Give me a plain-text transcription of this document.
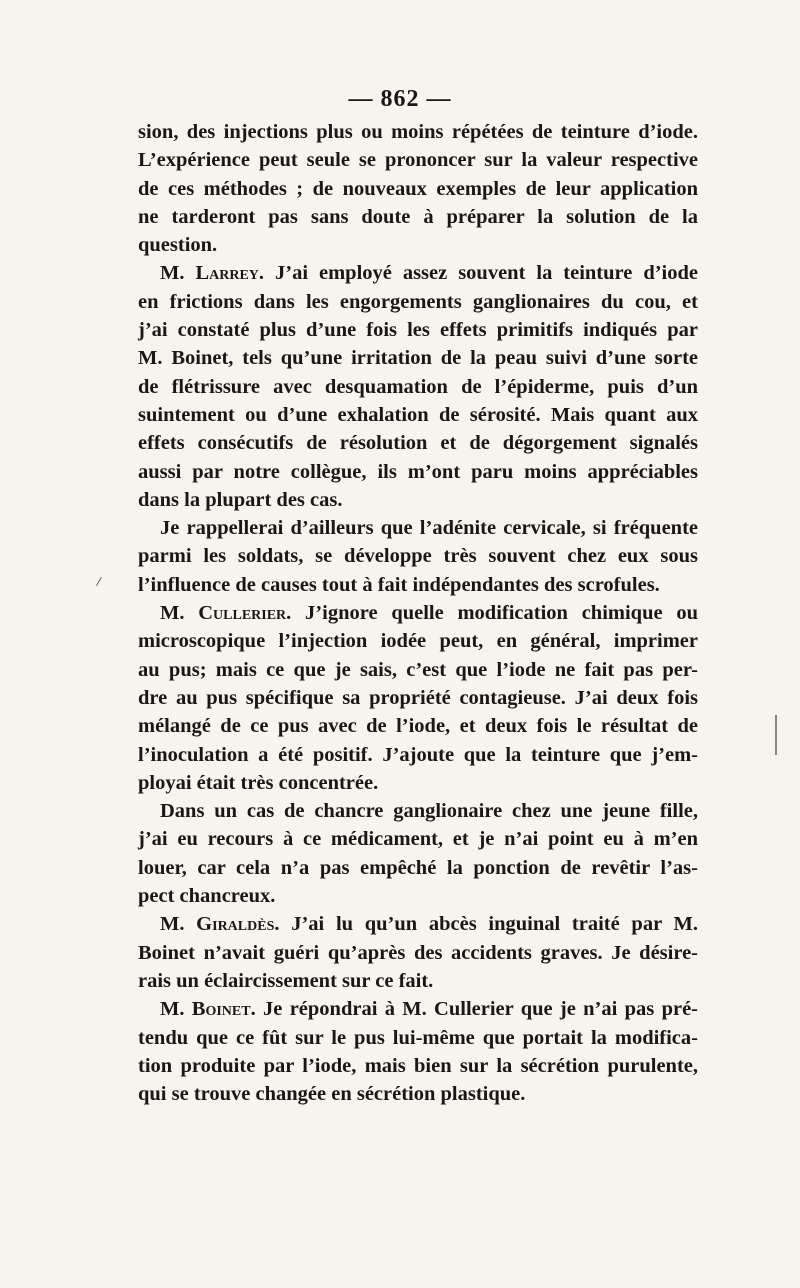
— 862 —
sion, des injections plus ou moins répétées de teinture d’iode.
L’expérience peut seule se prononcer sur la valeur respective
de ces méthodes ; de nouveaux exemples de leur application
ne tarderont pas sans doute à préparer la solution de la
question.
M. Larrey. J’ai employé assez souvent la teinture d’iode
en frictions dans les engorgements ganglionaires du cou, et
j’ai constaté plus d’une fois les effets primitifs indiqués par
M. Boinet, tels qu’une irritation de la peau suivi d’une sorte
de flétrissure avec desquamation de l’épiderme, puis d’un
suintement ou d’une exhalation de sérosité. Mais quant aux
effets consécutifs de résolution et de dégorgement signalés
aussi par notre collègue, ils m’ont paru moins appréciables
dans la plupart des cas.
Je rappellerai d’ailleurs que l’adénite cervicale, si fréquente
parmi les soldats, se développe très souvent chez eux sous
l’influence de causes tout à fait indépendantes des scrofules.
M. Cullerier. J’ignore quelle modification chimique ou
microscopique l’injection iodée peut, en général, imprimer
au pus; mais ce que je sais, c’est que l’iode ne fait pas per-
dre au pus spécifique sa propriété contagieuse. J’ai deux fois
mélangé de ce pus avec de l’iode, et deux fois le résultat de
l’inoculation a été positif. J’ajoute que la teinture que j’em-
ployai était très concentrée.
Dans un cas de chancre ganglionaire chez une jeune fille,
j’ai eu recours à ce médicament, et je n’ai point eu à m’en
louer, car cela n’a pas empêché la ponction de revêtir l’as-
pect chancreux.
M. Giraldès. J’ai lu qu’un abcès inguinal traité par M.
Boinet n’avait guéri qu’après des accidents graves. Je désire-
rais un éclaircissement sur ce fait.
M. Boinet. Je répondrai à M. Cullerier que je n’ai pas pré-
tendu que ce fût sur le pus lui-même que portait la modifica-
tion produite par l’iode, mais bien sur la sécrétion purulente,
qui se trouve changée en sécrétion plastique.
